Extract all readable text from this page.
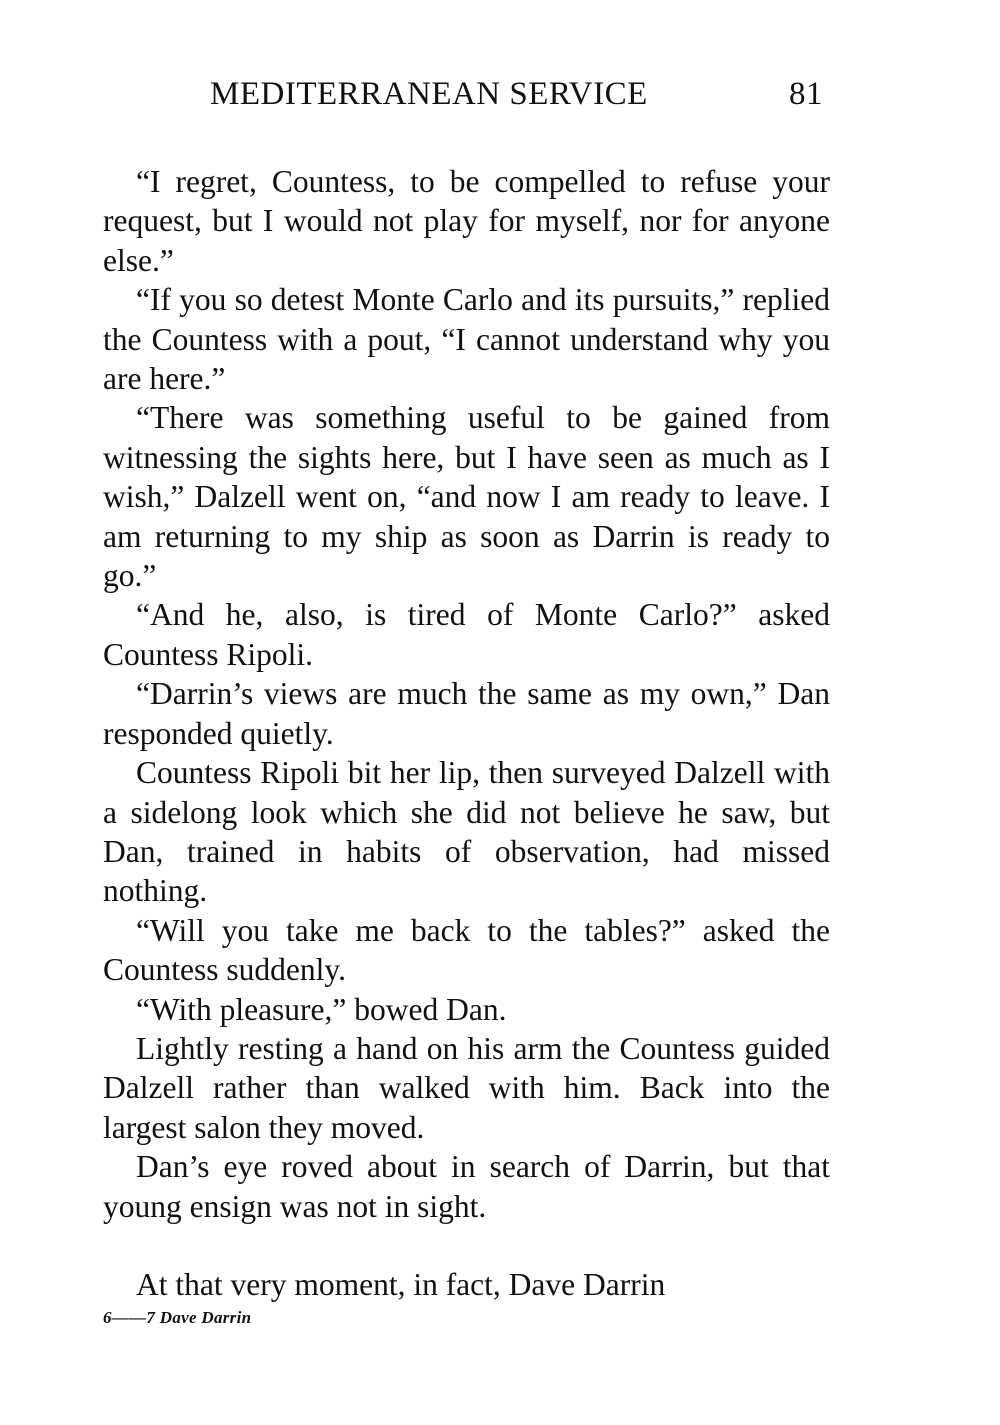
MEDITERRANEAN SERVICE	81

“I regret, Countess, to be compelled to refuse your request, but I would not play for myself, nor for anyone else.”

“If you so detest Monte Carlo and its pursuits,” replied the Countess with a pout, “I cannot understand why you are here.”

“There was something useful to be gained from witnessing the sights here, but I have seen as much as I wish,” Dalzell went on, “and now I am ready to leave. I am returning to my ship as soon as Darrin is ready to go.”

“And he, also, is tired of Monte Carlo?” asked Countess Ripoli.

“Darrin’s views are much the same as my own,” Dan responded quietly.

Countess Ripoli bit her lip, then surveyed Dalzell with a sidelong look which she did not believe he saw, but Dan, trained in habits of observation, had missed nothing.

“Will you take me back to the tables?” asked the Countess suddenly.

“With pleasure,” bowed Dan.

Lightly resting a hand on his arm the Countess guided Dalzell rather than walked with him. Back into the largest salon they moved.

Dan’s eye roved about in search of Darrin, but that young ensign was not in sight.

At that very moment, in fact, Dave Darrin

6——7 Dave Darrin
